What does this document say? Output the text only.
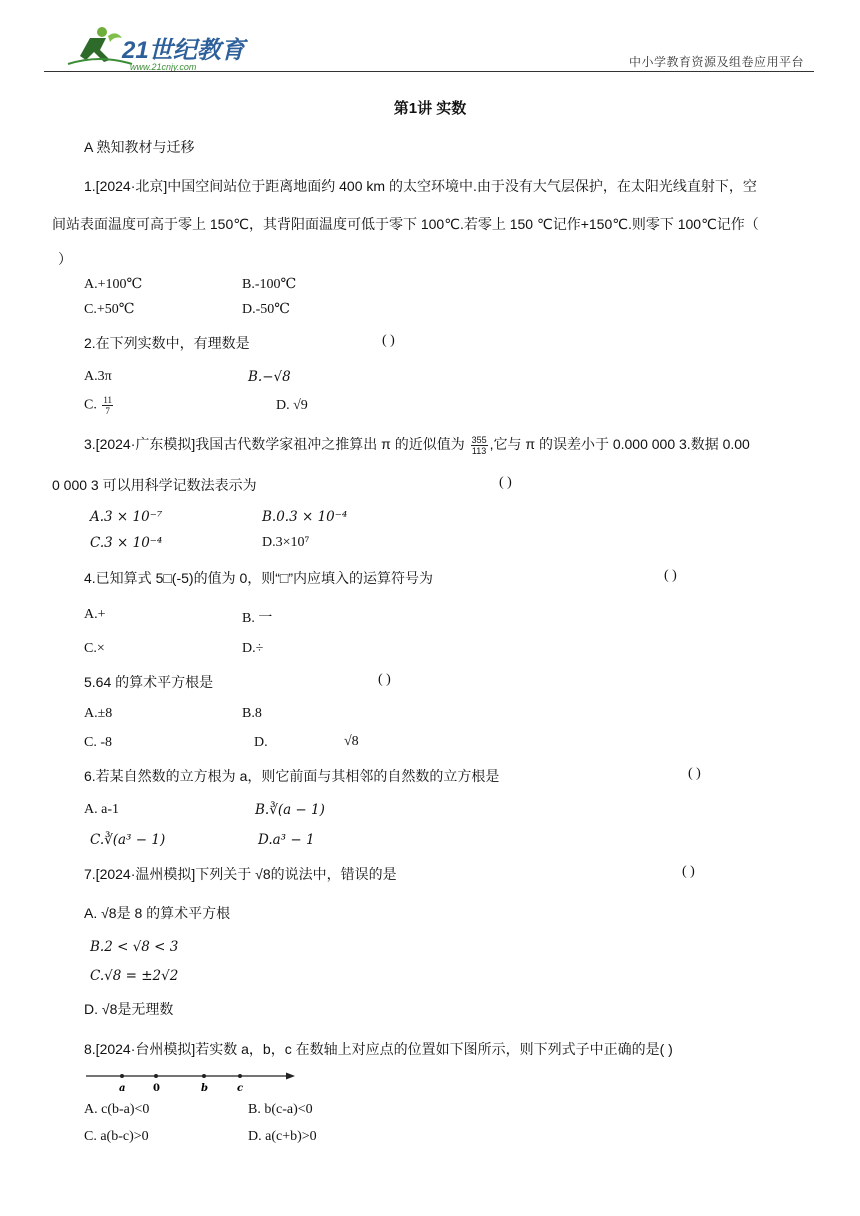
21世纪教育
www.21cnjy.com	中小学教育资源及组卷应用平台
第1讲 实数
A 熟知教材与迁移
1.[2024·北京]中国空间站位于距离地面约 400 km 的太空环境中.由于没有大气层保护，在太阳光线直射下，空
间站表面温度可高于零上 150℃，其背阳面温度可低于零下 100℃.若零上 150 ℃记作+150℃.则零下 100℃记作（
）
A.+100℃	B.-100℃
C.+50℃	D.-50℃
2.在下列实数中，有理数是	( )
A.3π	B.−√8
C. $\frac{11}{7}$	D. √9
3.[2024·广东模拟]我国古代数学家祖冲之推算出 π 的近似值为 $\frac{355}{113}$ ,它与 π 的误差小于 0.000 000 3.数据 0.00
0 000 3 可以用科学记数法表示为	( )
A.3 × 10⁻⁷	B.0.3 × 10⁻⁴
C.3 × 10⁻⁴	D.3×10⁷
4.已知算式 5□(-5)的值为 0，则“□”内应填入的运算符号为	( )
A.+	B. 一
C.×	D.÷
5.64 的算术平方根是	( )
A.±8	B.8
C. -8	D.	√8
6.若某自然数的立方根为 a，则它前面与其相邻的自然数的立方根是	( )
A. a-1	B.∛(a − 1)
C.∛(a³ − 1)	D.a³ − 1
7.[2024·温州模拟]下列关于 √8的说法中，错误的是	( )
A. √8是 8 的算术平方根
B.2 < √8 < 3
C.√8 = ±2√2
D. √8是无理数
8.[2024·台州模拟]若实数 a，b，c 在数轴上对应点的位置如下图所示，则下列式子中正确的是( )
a	0	b	c
A. c(b-a)<0	B. b(c-a)<0
C. a(b-c)>0	D. a(c+b)>0
